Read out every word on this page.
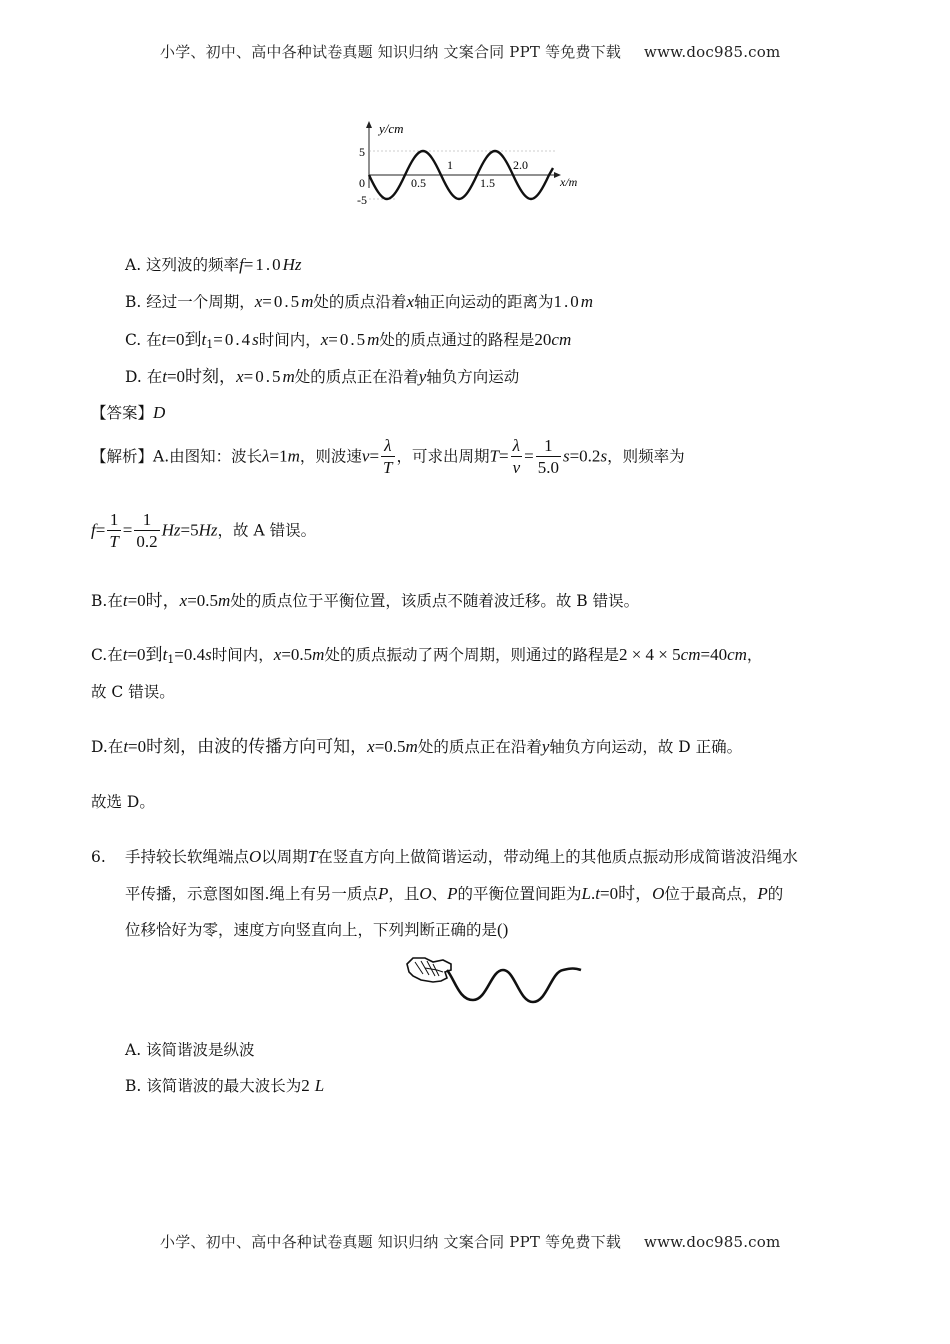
小学、初中、高中各种试卷真题 知识归纳 文案合同 PPT 等免费下载 www.doc985.com
y/cm
5
0
-5
0.5
1
1.5
2.0
x/m
A. 这列波的频率f=1.0Hz
B. 经过一个周期，x=0.5m处的质点沿着x轴正向运动的距离为1.0m
C. 在t=0到$t_1=0.4s$时间内，x=0.5m处的质点通过的路程是20cm
D. 在t=0时刻，x=0.5m处的质点正在沿着y轴负方向运动
【答案】D
【解析】A.由图知：波长λ=1m，则波速$v= \frac{\lambda}{T}$ ，可求出周期$T= \frac{\lambda}{v} = \frac{1}{5.0} s=0.2s$，则频率为
$f= \frac{1}{T} = \frac{1}{0.2} Hz=5Hz$，故 A 错误。
B.在t=0时，x=0.5m处的质点位于平衡位置，该质点不随着波迁移。故 B 错误。
C.在t=0到$t_1=0.4s$时间内，x=0.5m处的质点振动了两个周期，则通过的路程是2 × 4 × 5cm=40cm，
故 C 错误。
D.在t=0时刻，由波的传播方向可知，x=0.5m处的质点正在沿着y轴负方向运动，故 D 正确。
故选 D。
6. 手持较长软绳端点O以周期T在竖直方向上做简谐运动，带动绳上的其他质点振动形成简谐波沿绳水
平传播，示意图如图.绳上有另一质点P，且O、P的平衡位置间距为L.t=0时，O位于最高点，P的
位移恰好为零，速度方向竖直向上，下列判断正确的是()
A. 该简谐波是纵波
B. 该简谐波的最大波长为2 L
小学、初中、高中各种试卷真题 知识归纳 文案合同 PPT 等免费下载 www.doc985.com
